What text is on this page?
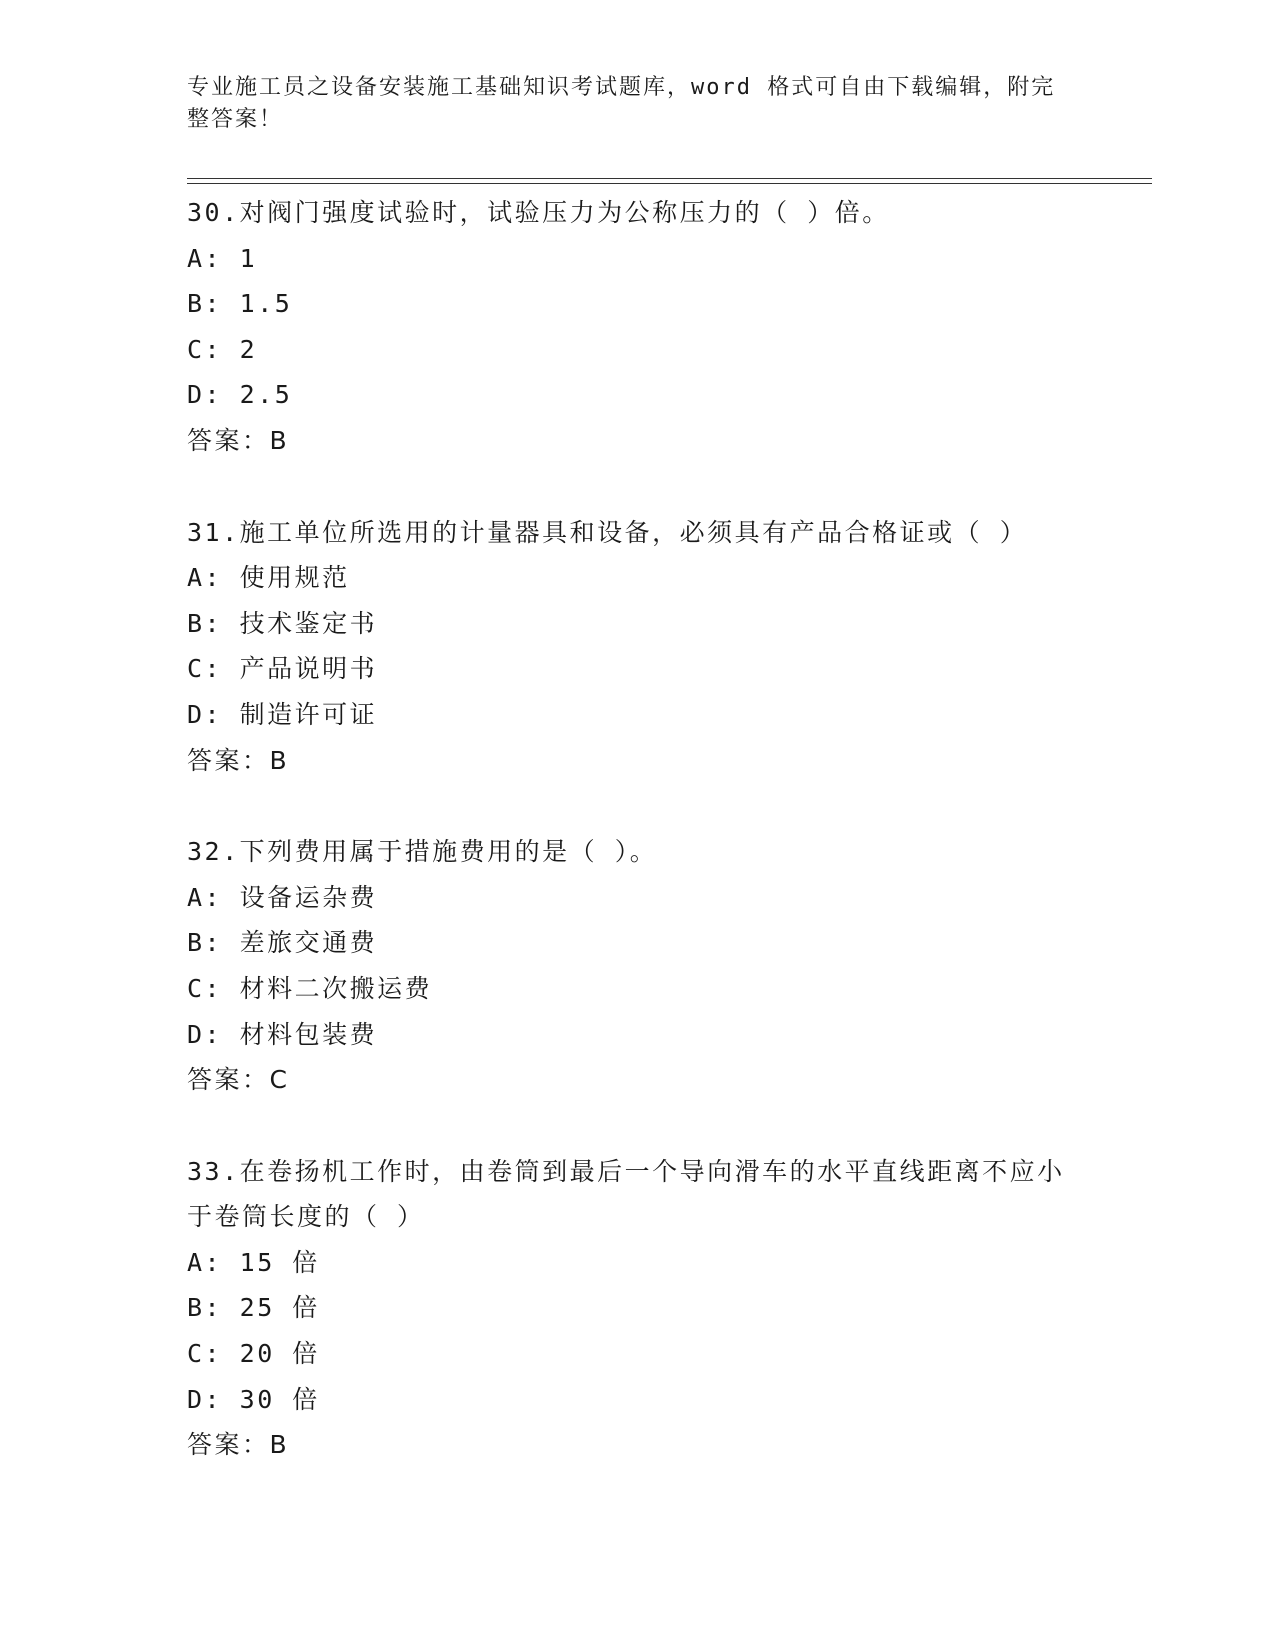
专业施工员之设备安装施工基础知识考试题库，word 格式可自由下载编辑，附完整答案！
30.对阀门强度试验时，试验压力为公称压力的（ ）倍。
A: 1
B: 1.5
C: 2
D: 2.5
答案：B
31.施工单位所选用的计量器具和设备，必须具有产品合格证或（ ）
A: 使用规范
B: 技术鉴定书
C: 产品说明书
D: 制造许可证
答案：B
32.下列费用属于措施费用的是（ ）。
A: 设备运杂费
B: 差旅交通费
C: 材料二次搬运费
D: 材料包装费
答案：C
33.在卷扬机工作时，由卷筒到最后一个导向滑车的水平直线距离不应小于卷筒长度的（ ）
A: 15 倍
B: 25 倍
C: 20 倍
D: 30 倍
答案：B
